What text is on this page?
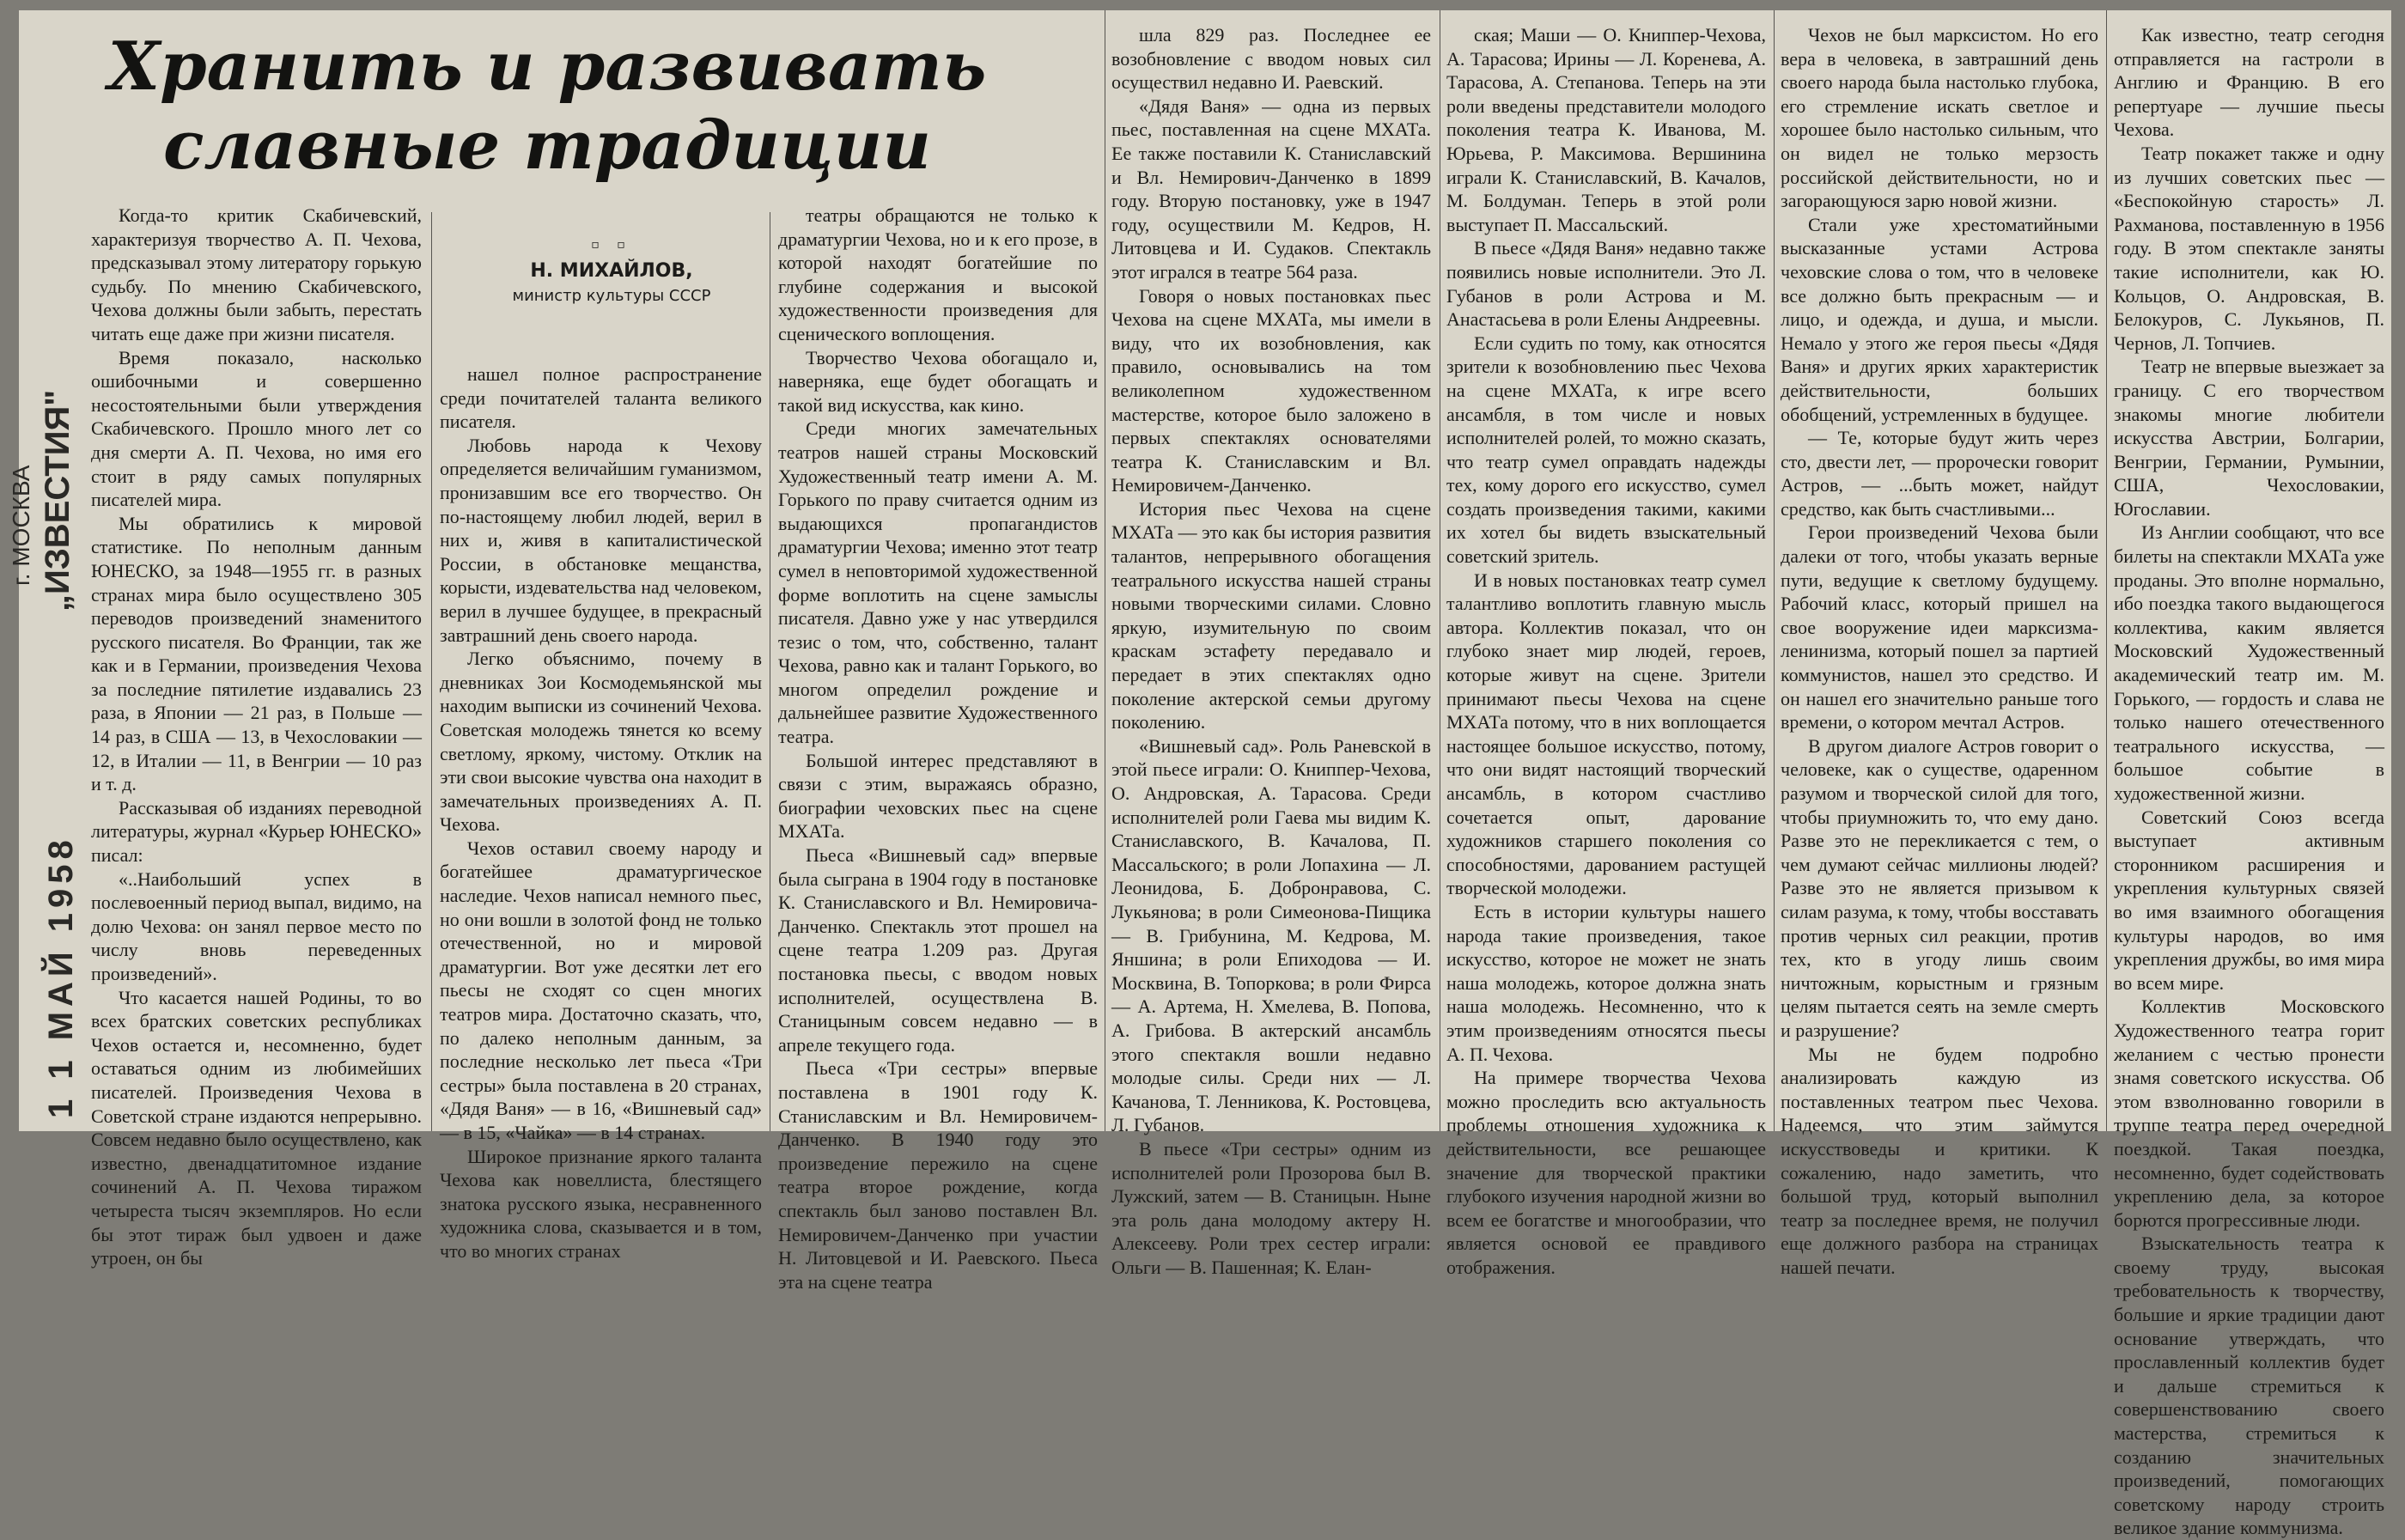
1 1 МАЙ 1958
„ИЗВЕСТИЯ"
г. МОСКВА
Хранить и развивать
славные традиции
▫ ▫
Н. МИХАЙЛОВ,
министр культуры СССР

Когда-то критик Скабичевский, характеризуя творчество А. П. Чехова, предсказывал этому литератору горькую судьбу. По мнению Скабичевского, Чехова должны были забыть, перестать читать еще даже при жизни писателя.

Время показало, насколько ошибочными и совершенно несостоятельными были утверждения Скабичевского. Прошло много лет со дня смерти А. П. Чехова, но имя его стоит в ряду самых популярных писателей мира.

Мы обратились к мировой статистике. По неполным данным ЮНЕСКО, за 1948—1955 гг. в разных странах мира было осуществлено 305 переводов произведений знаменитого русского писателя. Во Франции, так же как и в Германии, произведения Чехова за последние пятилетие издавались 23 раза, в Японии — 21 раз, в Польше — 14 раз, в США — 13, в Чехословакии — 12, в Италии — 11, в Венгрии — 10 раз и т. д.

Рассказывая об изданиях переводной литературы, журнал «Курьер ЮНЕСКО» писал:

«..Наибольший успех в послевоенный период выпал, видимо, на долю Чехова: он занял первое место по числу вновь переведенных произведений».

Что касается нашей Родины, то во всех братских советских республиках Чехов остается и, несомненно, будет оставаться одним из любимейших писателей. Произведения Чехова в Советской стране издаются непрерывно. Совсем недавно было осуществлено, как известно, двенадцатитомное издание сочинений А. П. Чехова тиражом четыреста тысяч экземпляров. Но если бы этот тираж был удвоен и даже утроен, он бы

нашел полное распространение среди почитателей таланта великого писателя.

Любовь народа к Чехову определяется величайшим гуманизмом, пронизавшим все его творчество. Он по-настоящему любил людей, верил в них и, живя в капиталистической России, в обстановке мещанства, корысти, издевательства над человеком, верил в лучшее будущее, в прекрасный завтрашний день своего народа.

Легко объяснимо, почему в дневниках Зои Космодемьянской мы находим выписки из сочинений Чехова. Советская молодежь тянется ко всему светлому, яркому, чистому. Отклик на эти свои высокие чувства она находит в замечательных произведениях А. П. Чехова.

Чехов оставил своему народу и богатейшее драматургическое наследие. Чехов написал немного пьес, но они вошли в золотой фонд не только отечественной, но и мировой драматургии. Вот уже десятки лет его пьесы не сходят со сцен многих театров мира. Достаточно сказать, что, по далеко неполным данным, за последние несколько лет пьеса «Три сестры» была поставлена в 20 странах, «Дядя Ваня» — в 16, «Вишневый сад» — в 15, «Чайка» — в 14 странах.

Широкое признание яркого таланта Чехова как новеллиста, блестящего знатока русского языка, несравненного художника слова, сказывается и в том, что во многих странах

театры обращаются не только к драматургии Чехова, но и к его прозе, в которой находят богатейшие по глубине содержания и высокой художественности произведения для сценического воплощения.

Творчество Чехова обогащало и, наверняка, еще будет обогащать и такой вид искусства, как кино.

Среди многих замечательных театров нашей страны Московский Художественный театр имени А. М. Горького по праву считается одним из выдающихся пропагандистов драматургии Чехова; именно этот театр сумел в неповторимой художественной форме воплотить на сцене замыслы писателя. Давно уже у нас утвердился тезис о том, что, собственно, талант Чехова, равно как и талант Горького, во многом определил рождение и дальнейшее развитие Художественного театра.

Большой интерес представляют в связи с этим, выражаясь образно, биографии чеховских пьес на сцене МХАТа.

Пьеса «Вишневый сад» впервые была сыграна в 1904 году в постановке К. Станиславского и Вл. Немировича-Данченко. Спектакль этот прошел на сцене театра 1.209 раз. Другая постановка пьесы, с вводом новых исполнителей, осуществлена В. Станицыным совсем недавно — в апреле текущего года.

Пьеса «Три сестры» впервые поставлена в 1901 году К. Станиславским и Вл. Немировичем-Данченко. В 1940 году это произведение пережило на сцене театра второе рождение, когда спектакль был заново поставлен Вл. Немировичем-Данченко при участии Н. Литовцевой и И. Раевского. Пьеса эта на сцене театра

шла 829 раз. Последнее ее возобновление с вводом новых сил осуществил недавно И. Раевский.

«Дядя Ваня» — одна из первых пьес, поставленная на сцене МХАТа. Ее также поставили К. Станиславский и Вл. Немирович-Данченко в 1899 году. Вторую постановку, уже в 1947 году, осуществили М. Кедров, Н. Литовцева и И. Судаков. Спектакль этот игрался в театре 564 раза.

Говоря о новых постановках пьес Чехова на сцене МХАТа, мы имели в виду, что их возобновления, как правило, основывались на том великолепном художественном мастерстве, которое было заложено в первых спектаклях основателями театра К. Станиславским и Вл. Немировичем-Данченко.

История пьес Чехова на сцене МХАТа — это как бы история развития талантов, непрерывного обогащения театрального искусства нашей страны новыми творческими силами. Словно яркую, изумительную по своим краскам эстафету передавало и передает в этих спектаклях одно поколение актерской семьи другому поколению.

«Вишневый сад». Роль Раневской в этой пьесе играли: О. Книппер-Чехова, О. Андровская, А. Тарасова. Среди исполнителей роли Гаева мы видим К. Станиславского, В. Качалова, П. Массальского; в роли Лопахина — Л. Леонидова, Б. Добронравова, С. Лукьянова; в роли Симеонова-Пищика — В. Грибунина, М. Кедрова, М. Яншина; в роли Епиходова — И. Москвина, В. Топоркова; в роли Фирса — А. Артема, Н. Хмелева, В. Попова, А. Грибова. В актерский ансамбль этого спектакля вошли недавно молодые силы. Среди них — Л. Качанова, Т. Ленникова, К. Ростовцева, Л. Губанов.

В пьесе «Три сестры» одним из исполнителей роли Прозорова был В. Лужский, затем — В. Станицын. Ныне эта роль дана молодому актеру Н. Алексееву. Роли трех сестер играли: Ольги — В. Пашенная; К. Елан-

ская; Маши — О. Книппер-Чехова, А. Тарасова; Ирины — Л. Коренева, А. Тарасова, А. Степанова. Теперь на эти роли введены представители молодого поколения театра К. Иванова, М. Юрьева, Р. Максимова. Вершинина играли К. Станиславский, В. Качалов, М. Болдуман. Теперь в этой роли выступает П. Массальский.

В пьесе «Дядя Ваня» недавно также появились новые исполнители. Это Л. Губанов в роли Астрова и М. Анастасьева в роли Елены Андреевны.

Если судить по тому, как относятся зрители к возобновлению пьес Чехова на сцене МХАТа, к игре всего ансамбля, в том числе и новых исполнителей ролей, то можно сказать, что театр сумел оправдать надежды тех, кому дорого его искусство, сумел создать произведения такими, какими их хотел бы видеть взыскательный советский зритель.

И в новых постановках театр сумел талантливо воплотить главную мысль автора. Коллектив показал, что он глубоко знает мир людей, героев, которые живут на сцене. Зрители принимают пьесы Чехова на сцене МХАТа потому, что в них воплощается настоящее большое искусство, потому, что они видят настоящий творческий ансамбль, в котором счастливо сочетается опыт, дарование художников старшего поколения со способностями, дарованием растущей творческой молодежи.

Есть в истории культуры нашего народа такие произведения, такое искусство, которое не может не знать наша молодежь, которое должна знать наша молодежь. Несомненно, что к этим произведениям относятся пьесы А. П. Чехова.

На примере творчества Чехова можно проследить всю актуальность проблемы отношения художника к действительности, все решающее значение для творческой практики глубокого изучения народной жизни во всем ее богатстве и многообразии, что является основой ее правдивого отображения.

Чехов не был марксистом. Но его вера в человека, в завтрашний день своего народа была настолько глубока, его стремление искать светлое и хорошее было настолько сильным, что он видел не только мерзость российской действительности, но и загорающуюся зарю новой жизни.

Стали уже хрестоматийными высказанные устами Астрова чеховские слова о том, что в человеке все должно быть прекрасным — и лицо, и одежда, и душа, и мысли. Немало у этого же героя пьесы «Дядя Ваня» и других ярких характеристик действительности, больших обобщений, устремленных в будущее.

— Те, которые будут жить через сто, двести лет, — пророчески говорит Астров, — ...быть может, найдут средство, как быть счастливыми...

Герои произведений Чехова были далеки от того, чтобы указать верные пути, ведущие к светлому будущему. Рабочий класс, который пришел на свое вооружение идеи марксизма-ленинизма, который пошел за партией коммунистов, нашел это средство. И он нашел его значительно раньше того времени, о котором мечтал Астров.

В другом диалоге Астров говорит о человеке, как о существе, одаренном разумом и творческой силой для того, чтобы приумножить то, что ему дано. Разве это не перекликается с тем, о чем думают сейчас миллионы людей? Разве это не является призывом к силам разума, к тому, чтобы восставать против черных сил реакции, против тех, кто в угоду лишь своим ничтожным, корыстным и грязным целям пытается сеять на земле смерть и разрушение?

Мы не будем подробно анализировать каждую из поставленных театром пьес Чехова. Надеемся, что этим займутся искусствоведы и критики. К сожалению, надо заметить, что большой труд, который выполнил театр за последнее время, не получил еще должного разбора на страницах нашей печати.

Как известно, театр сегодня отправляется на гастроли в Англию и Францию. В его репертуаре — лучшие пьесы Чехова.

Театр покажет также и одну из лучших советских пьес — «Беспокойную старость» Л. Рахманова, поставленную в 1956 году. В этом спектакле заняты такие исполнители, как Ю. Кольцов, О. Андровская, В. Белокуров, С. Лукьянов, П. Чернов, Л. Топчиев.

Театр не впервые выезжает за границу. С его творчеством знакомы многие любители искусства Австрии, Болгарии, Венгрии, Германии, Румынии, США, Чехословакии, Югославии.

Из Англии сообщают, что все билеты на спектакли МХАТа уже проданы. Это вполне нормально, ибо поездка такого выдающегося коллектива, каким является Московский Художественный академический театр им. М. Горького, — гордость и слава не только нашего отечественного театрального искусства, — большое событие в художественной жизни.

Советский Союз всегда выступает активным сторонником расширения и укрепления культурных связей во имя взаимного обогащения культуры народов, во имя укрепления дружбы, во имя мира во всем мире.

Коллектив Московского Художественного театра горит желанием с честью пронести знамя советского искусства. Об этом взволнованно говорили в труппе театра перед очередной поездкой. Такая поездка, несомненно, будет содействовать укреплению дела, за которое борются прогрессивные люди.

Взыскательность театра к своему труду, высокая требовательность к творчеству, большие и яркие традиции дают основание утверждать, что прославленный коллектив будет и дальше стремиться к совершенствованию своего мастерства, стремиться к созданию значительных произведений, помогающих советскому народу строить великое здание коммунизма.
